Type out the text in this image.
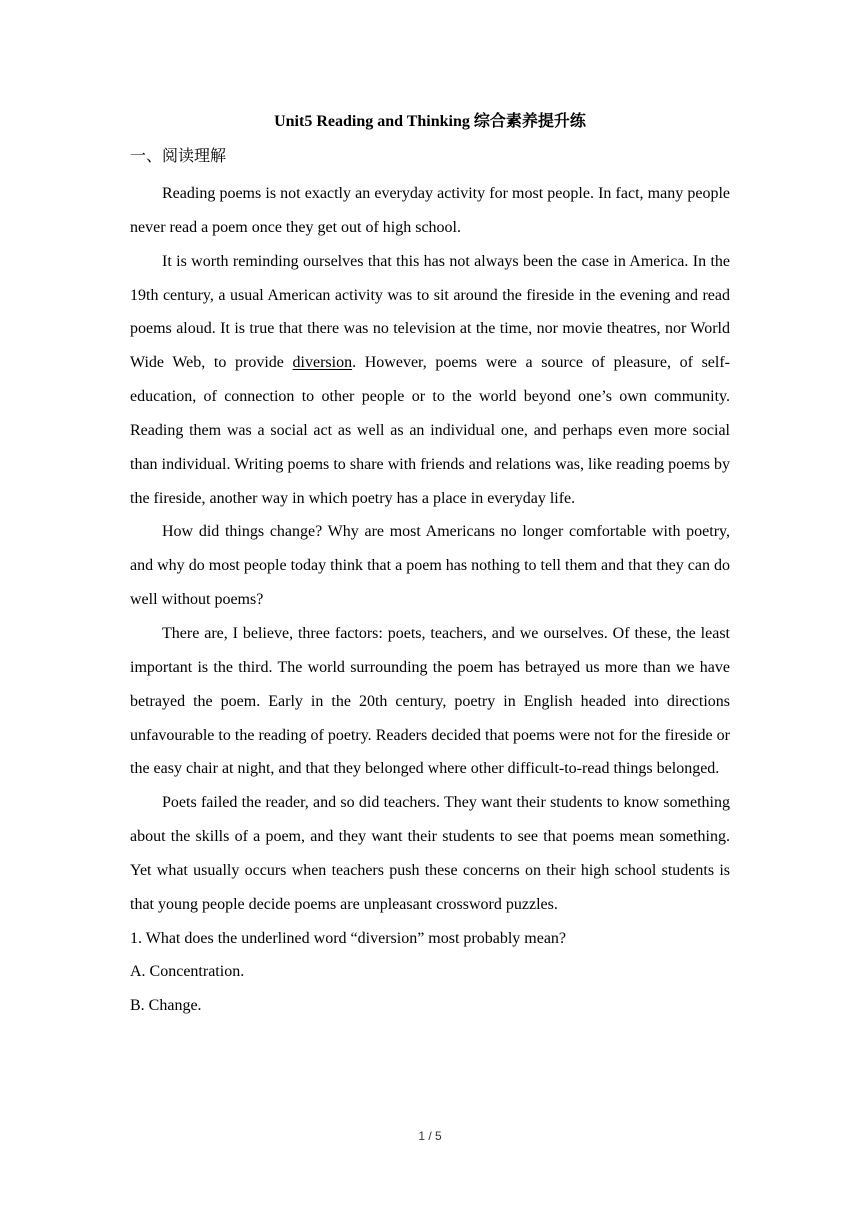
Unit5 Reading and Thinking 综合素养提升练
一、阅读理解

Reading poems is not exactly an everyday activity for most people. In fact, many people never read a poem once they get out of high school.

It is worth reminding ourselves that this has not always been the case in America. In the 19th century, a usual American activity was to sit around the fireside in the evening and read poems aloud. It is true that there was no television at the time, nor movie theatres, nor World Wide Web, to provide diversion. However, poems were a source of pleasure, of self-education, of connection to other people or to the world beyond one’s own community. Reading them was a social act as well as an individual one, and perhaps even more social than individual. Writing poems to share with friends and relations was, like reading poems by the fireside, another way in which poetry has a place in everyday life.

How did things change? Why are most Americans no longer comfortable with poetry, and why do most people today think that a poem has nothing to tell them and that they can do well without poems?

There are, I believe, three factors: poets, teachers, and we ourselves. Of these, the least important is the third. The world surrounding the poem has betrayed us more than we have betrayed the poem. Early in the 20th century, poetry in English headed into directions unfavourable to the reading of poetry. Readers decided that poems were not for the fireside or the easy chair at night, and that they belonged where other difficult-to-read things belonged.

Poets failed the reader, and so did teachers. They want their students to know something about the skills of a poem, and they want their students to see that poems mean something. Yet what usually occurs when teachers push these concerns on their high school students is that young people decide poems are unpleasant crossword puzzles.

1. What does the underlined word “diversion” most probably mean?

A. Concentration.

B. Change.

1 / 5
